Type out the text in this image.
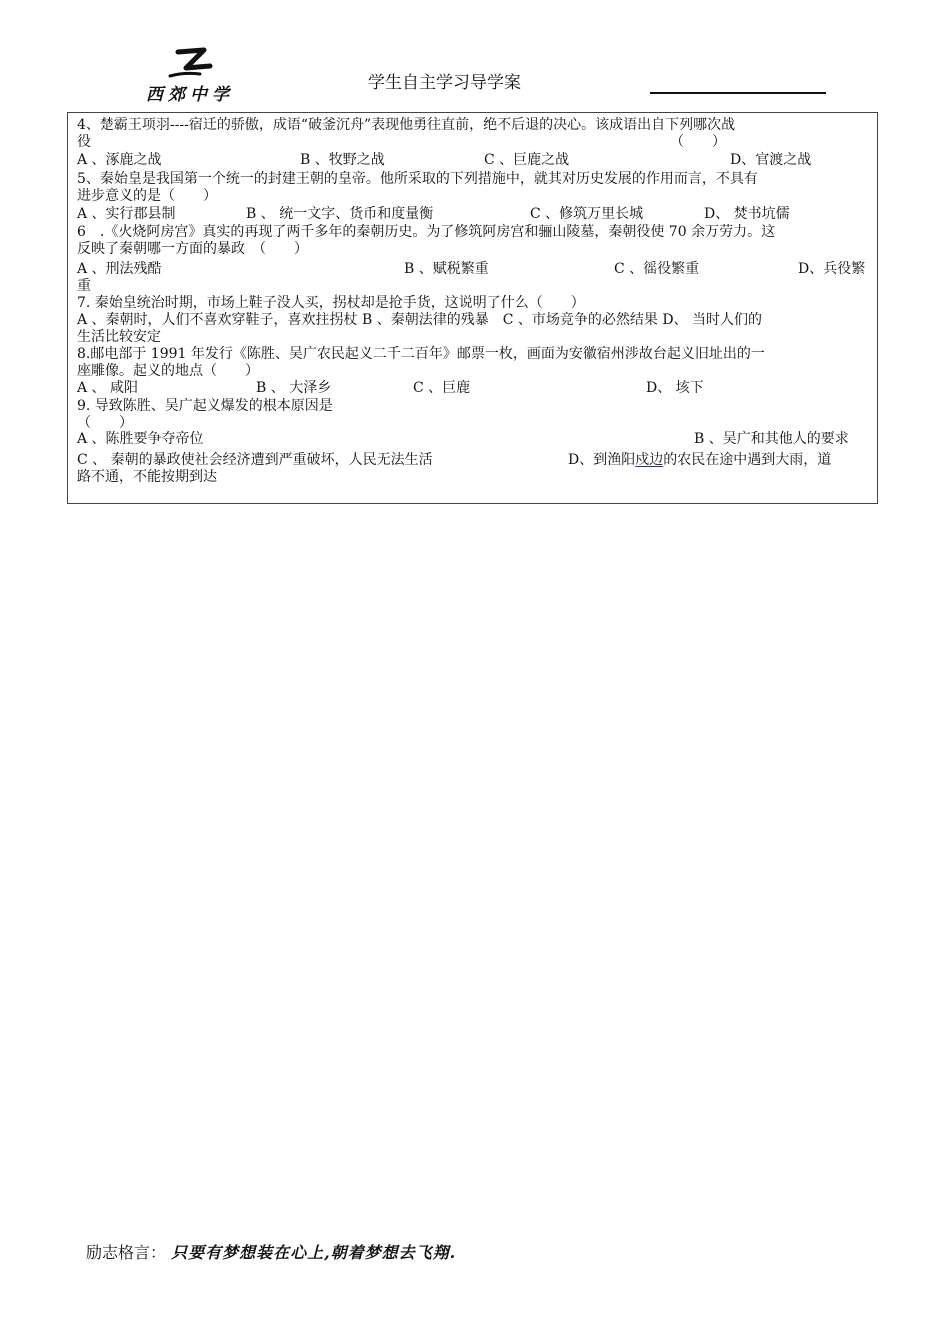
西郊中学
学生自主学习导学案
4、楚霸王项羽----宿迁的骄傲，成语“破釜沉舟”表现他勇往直前，绝不后退的决心。该成语出自下列哪次战
役	（　　）
A 、涿鹿之战	B 、牧野之战	C 、巨鹿之战	D、官渡之战
5、秦始皇是我国第一个统一的封建王朝的皇帝。他所采取的下列措施中，就其对历史发展的作用而言，不具有
进步意义的是（　　）
A 、实行郡县制	B 、 统一文字、货币和度量衡	C 、修筑万里长城	D、 焚书坑儒
6　.《火烧阿房宫》真实的再现了两千多年的秦朝历史。为了修筑阿房宫和骊山陵墓，秦朝役使 70 余万劳力。这
反映了秦朝哪一方面的暴政　（　　）
A 、刑法残酷	B 、赋税繁重	C 、徭役繁重	D、兵役繁
重
7. 秦始皇统治时期，市场上鞋子没人买，拐杖却是抢手货，这说明了什么（　　）
A 、秦朝时，人们不喜欢穿鞋子，喜欢拄拐杖 B 、秦朝法律的残暴　C 、市场竞争的必然结果 D、 当时人们的
生活比较安定
8.邮电部于 1991 年发行《陈胜、吴广农民起义二千二百年》邮票一枚，画面为安徽宿州涉故台起义旧址出的一
座雕像。起义的地点（　　）
A 、 咸阳	B 、 大泽乡	C 、巨鹿	D、 垓下
9. 导致陈胜、吴广起义爆发的根本原因是
（　　）
A 、陈胜要争夺帝位	B 、吴广和其他人的要求
C 、 秦朝的暴政使社会经济遭到严重破坏，人民无法生活	D、到渔阳戍边的农民在途中遇到大雨，道
路不通，不能按期到达
励志格言： 只要有梦想装在心上,朝着梦想去飞翔.
